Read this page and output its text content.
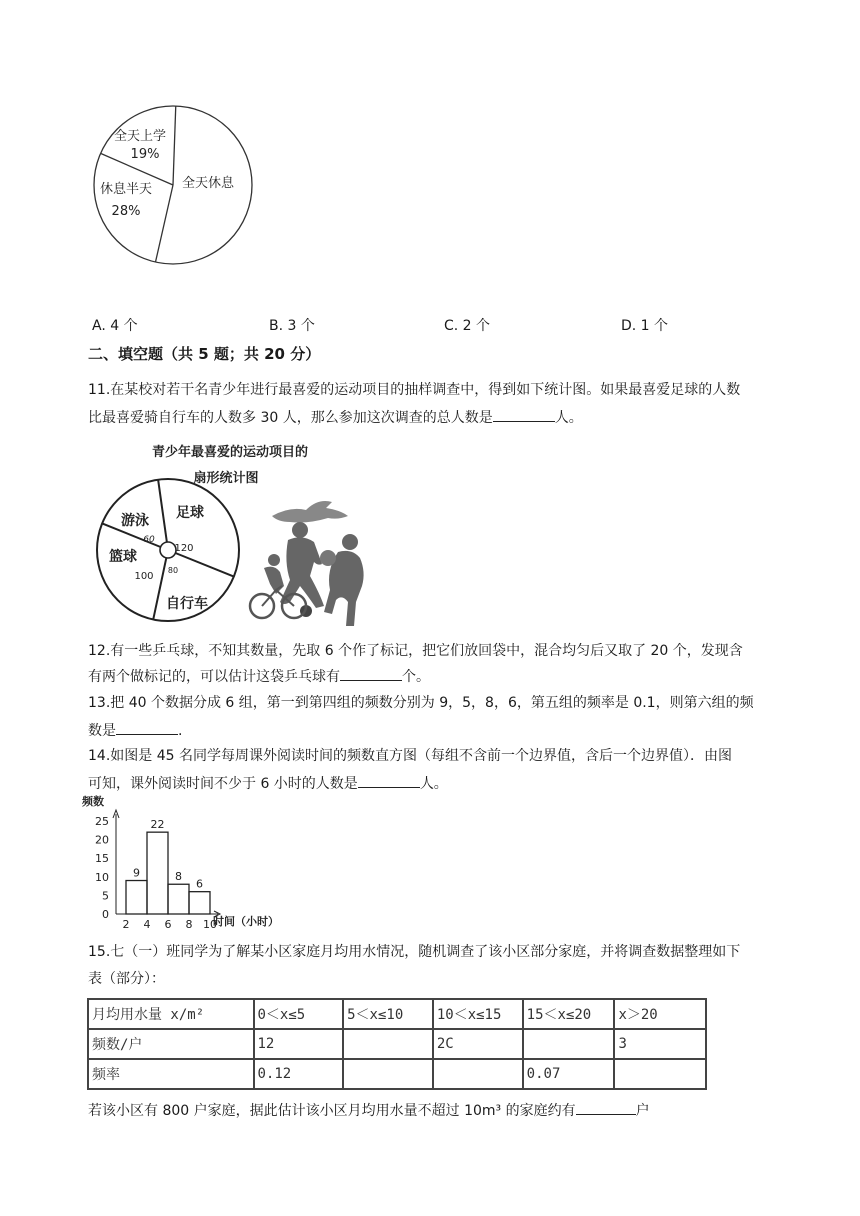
全天上学
19%
休息半天
28%
全天休息
A. 4 个	B. 3 个	C. 2 个	D. 1 个
二、填空题（共 5 题；共 20 分）
11.在某校对若干名青少年进行最喜爱的运动项目的抽样调查中，得到如下统计图。如果最喜爱足球的人数
比最喜爱骑自行车的人数多 30 人，那么参加这次调查的总人数是	人。
青少年最喜爱的运动项目的
扇形统计图
游泳
60
足球
120
自行车
80
篮球
100
12.有一些乒乓球，不知其数量，先取 6 个作了标记，把它们放回袋中，混合均匀后又取了 20 个，发现含
有两个做标记的，可以估计这袋乒乓球有	个。
13.把 40 个数据分成 6 组，第一到第四组的频数分别为 9，5，8，6，第五组的频率是 0.1，则第六组的频
数是	.
14.如图是 45 名同学每周课外阅读时间的频数直方图（每组不含前一个边界值，含后一个边界值）．由图
可知，课外阅读时间不少于 6 小时的人数是	人。
频数
时间（小时）
0
5
10
15
20
25
2 4 6 8 10
9
22
8
6
15.七（一）班同学为了解某小区家庭月均用水情况，随机调查了该小区部分家庭，并将调查数据整理如下
表（部分）：
月均用水量 x/m²	0＜x≤5	5＜x≤10	10＜x≤15	15＜x≤20	x＞20
频数/户	12		2C		3
频率	0.12			0.07	
若该小区有 800 户家庭，据此估计该小区月均用水量不超过 10m³ 的家庭约有	户
